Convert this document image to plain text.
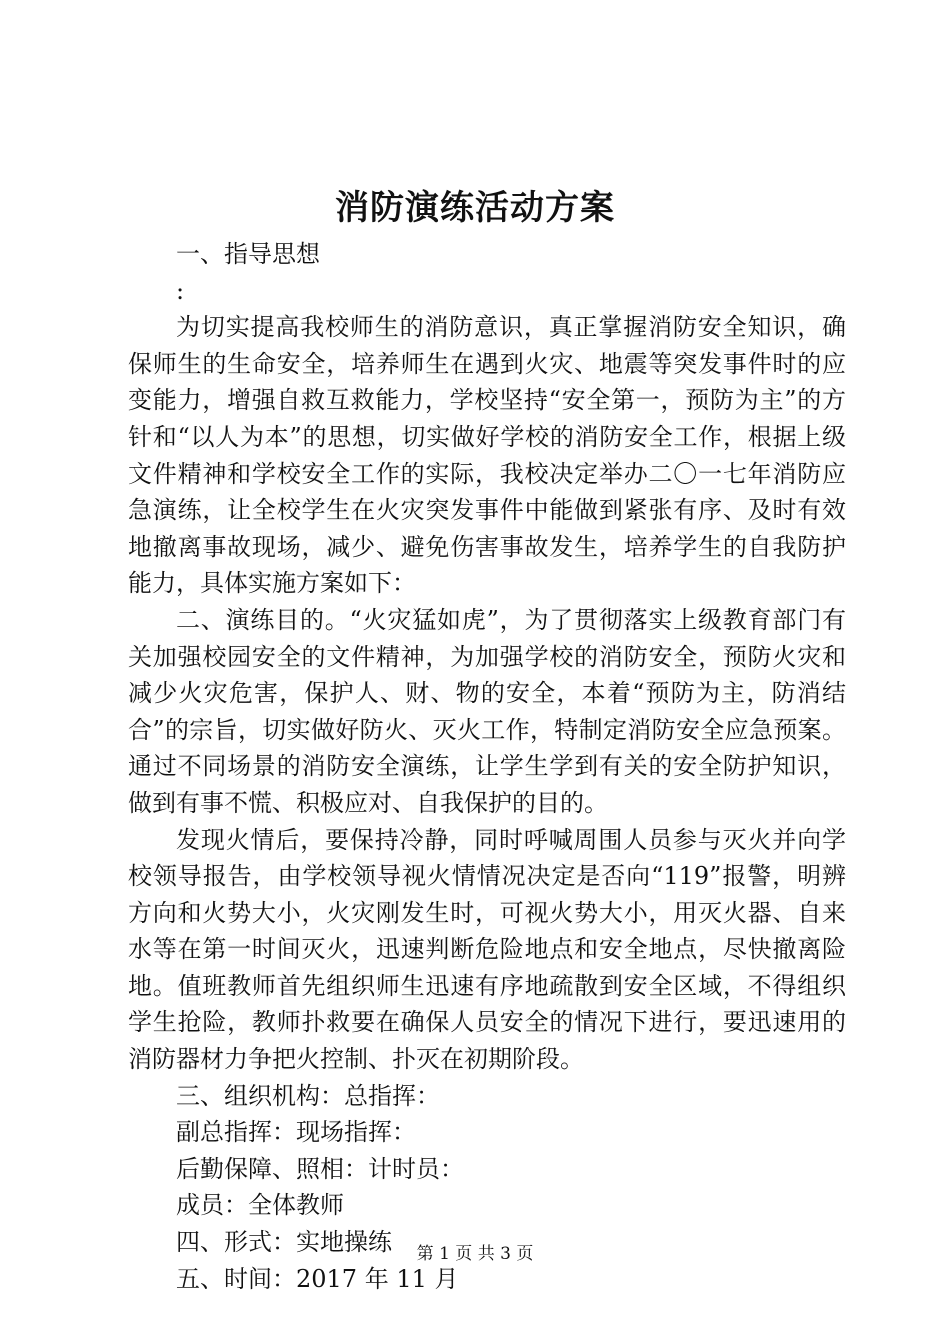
消防演练活动方案

一、指导思想

:

为切实提高我校师生的消防意识，真正掌握消防安全知识，确保师生的生命安全，培养师生在遇到火灾、地震等突发事件时的应变能力，增强自救互救能力，学校坚持“安全第一，预防为主”的方针和“以人为本”的思想，切实做好学校的消防安全工作，根据上级文件精神和学校安全工作的实际，我校决定举办二〇一七年消防应急演练，让全校学生在火灾突发事件中能做到紧张有序、及时有效地撤离事故现场，减少、避免伤害事故发生，培养学生的自我防护能力，具体实施方案如下：

二、演练目的。“火灾猛如虎”，为了贯彻落实上级教育部门有关加强校园安全的文件精神，为加强学校的消防安全，预防火灾和减少火灾危害，保护人、财、物的安全，本着“预防为主，防消结合”的宗旨，切实做好防火、灭火工作，特制定消防安全应急预案。通过不同场景的消防安全演练，让学生学到有关的安全防护知识，做到有事不慌、积极应对、自我保护的目的。

发现火情后，要保持冷静，同时呼喊周围人员参与灭火并向学校领导报告，由学校领导视火情情况决定是否向“119”报警，明辨方向和火势大小，火灾刚发生时，可视火势大小，用灭火器、自来水等在第一时间灭火，迅速判断危险地点和安全地点，尽快撤离险地。值班教师首先组织师生迅速有序地疏散到安全区域，不得组织学生抢险，教师扑救要在确保人员安全的情况下进行，要迅速用的消防器材力争把火控制、扑灭在初期阶段。

三、组织机构：总指挥：

副总指挥：现场指挥：

后勤保障、照相：计时员：

成员：全体教师

四、形式：实地操练

五、时间：2017 年 11 月

第 1 页 共 3 页
